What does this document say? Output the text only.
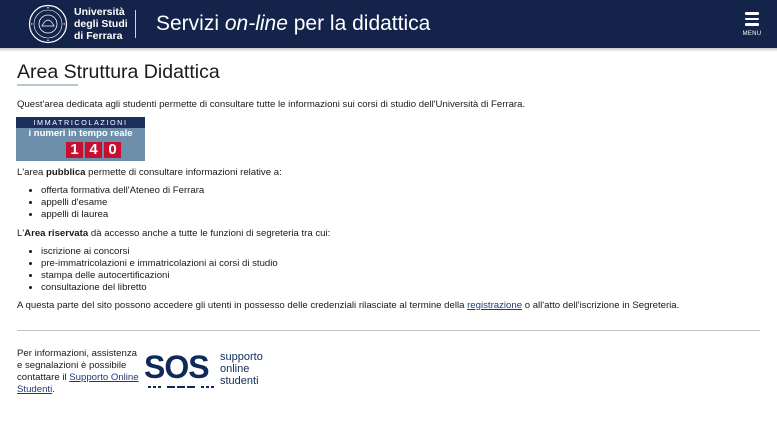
Università
degli Studi
di Ferrara
Servizi on-line per la didattica	MENU
Area Struttura Didattica
Quest'area dedicata agli studenti permette di consultare tutte le informazioni sui corsi di studio dell'Università di Ferrara.
IMMATRICOLAZIONI
i numeri in tempo reale
1 4 0
L'area pubblica permette di consultare informazioni relative a:
• offerta formativa dell'Ateneo di Ferrara
• appelli d'esame
• appelli di laurea
L'Area riservata dà accesso anche a tutte le funzioni di segreteria tra cui:
• iscrizione ai concorsi
• pre-immatricolazioni e immatricolazioni ai corsi di studio
• stampa delle autocertificazioni
• consultazione del libretto
A questa parte del sito possono accedere gli utenti in possesso delle credenziali rilasciate al termine della registrazione o all'atto dell'iscrizione in Segreteria.
Per informazioni, assistenza e segnalazioni è possibile contattare il Supporto Online Studenti.
SOS supporto
online
studenti
